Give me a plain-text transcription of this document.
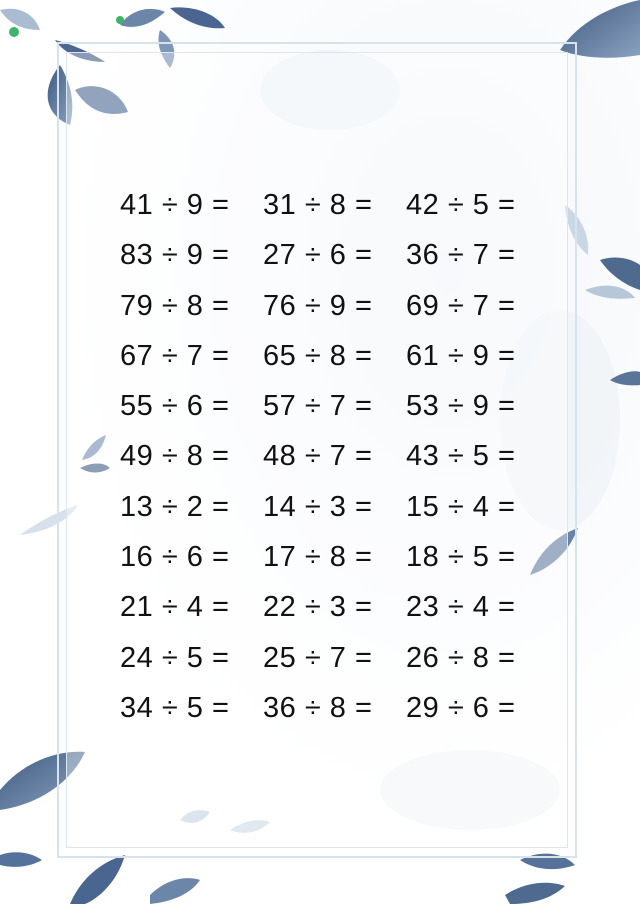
41 ÷ 9 =	31 ÷ 8 =	42 ÷ 5 =
83 ÷ 9 =	27 ÷ 6 =	36 ÷ 7 =
79 ÷ 8 =	76 ÷ 9 =	69 ÷ 7 =
67 ÷ 7 =	65 ÷ 8 =	61 ÷ 9 =
55 ÷ 6 =	57 ÷ 7 =	53 ÷ 9 =
49 ÷ 8 =	48 ÷ 7 =	43 ÷ 5 =
13 ÷ 2 =	14 ÷ 3 =	15 ÷ 4 =
16 ÷ 6 =	17 ÷ 8 =	18 ÷ 5 =
21 ÷ 4 =	22 ÷ 3 =	23 ÷ 4 =
24 ÷ 5 =	25 ÷ 7 =	26 ÷ 8 =
34 ÷ 5 =	36 ÷ 8 =	29 ÷ 6 =
